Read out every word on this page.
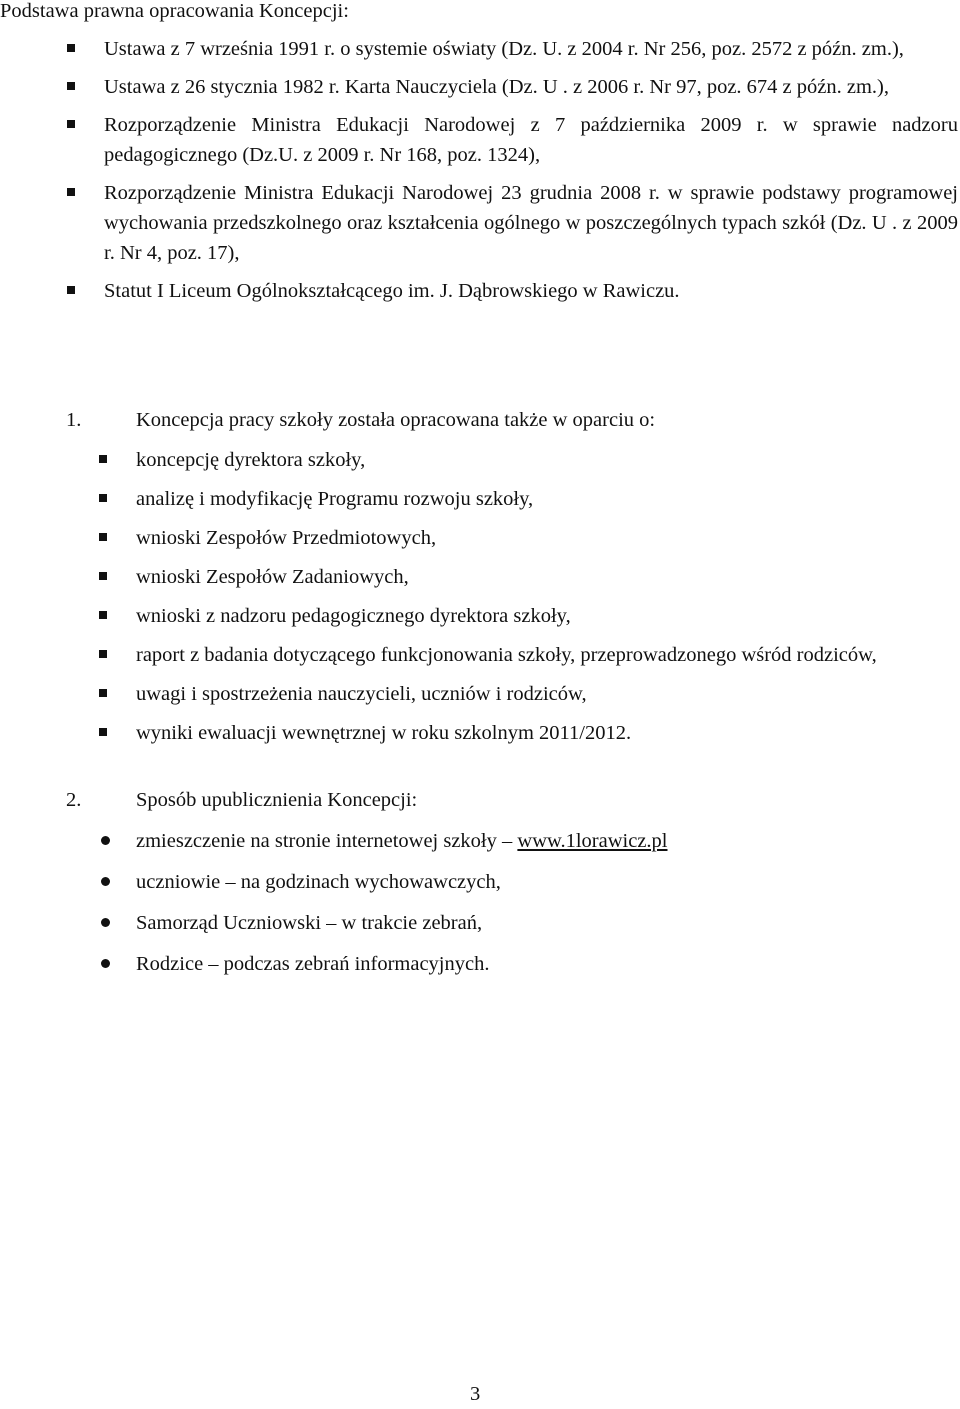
Podstawa prawna opracowania Koncepcji:
Ustawa z 7 września 1991 r. o systemie oświaty (Dz. U. z 2004 r. Nr 256, poz. 2572 z późn. zm.),
Ustawa z 26 stycznia 1982 r. Karta Nauczyciela (Dz. U . z 2006 r. Nr 97, poz. 674 z późn. zm.),
Rozporządzenie Ministra Edukacji Narodowej z 7 października 2009 r. w sprawie nadzoru pedagogicznego (Dz.U. z 2009 r. Nr 168, poz. 1324),
Rozporządzenie Ministra Edukacji Narodowej 23 grudnia 2008 r. w sprawie podstawy programowej wychowania przedszkolnego oraz kształcenia ogólnego w poszczególnych typach szkół (Dz. U . z 2009 r. Nr 4, poz. 17),
Statut I Liceum Ogólnokształcącego im. J. Dąbrowskiego w Rawiczu.
1.	Koncepcja pracy szkoły została opracowana także w oparciu o:
koncepcję dyrektora szkoły,
analizę i modyfikację Programu rozwoju szkoły,
wnioski Zespołów Przedmiotowych,
wnioski Zespołów Zadaniowych,
wnioski z nadzoru pedagogicznego dyrektora szkoły,
raport z badania dotyczącego funkcjonowania szkoły, przeprowadzonego wśród rodziców,
uwagi i spostrzeżenia nauczycieli, uczniów i rodziców,
wyniki ewaluacji wewnętrznej w roku szkolnym 2011/2012.
2.	Sposób upublicznienia Koncepcji:
zmieszczenie na stronie internetowej szkoły – www.1lorawicz.pl
uczniowie – na godzinach wychowawczych,
Samorząd Uczniowski – w trakcie zebrań,
Rodzice – podczas zebrań informacyjnych.
3
